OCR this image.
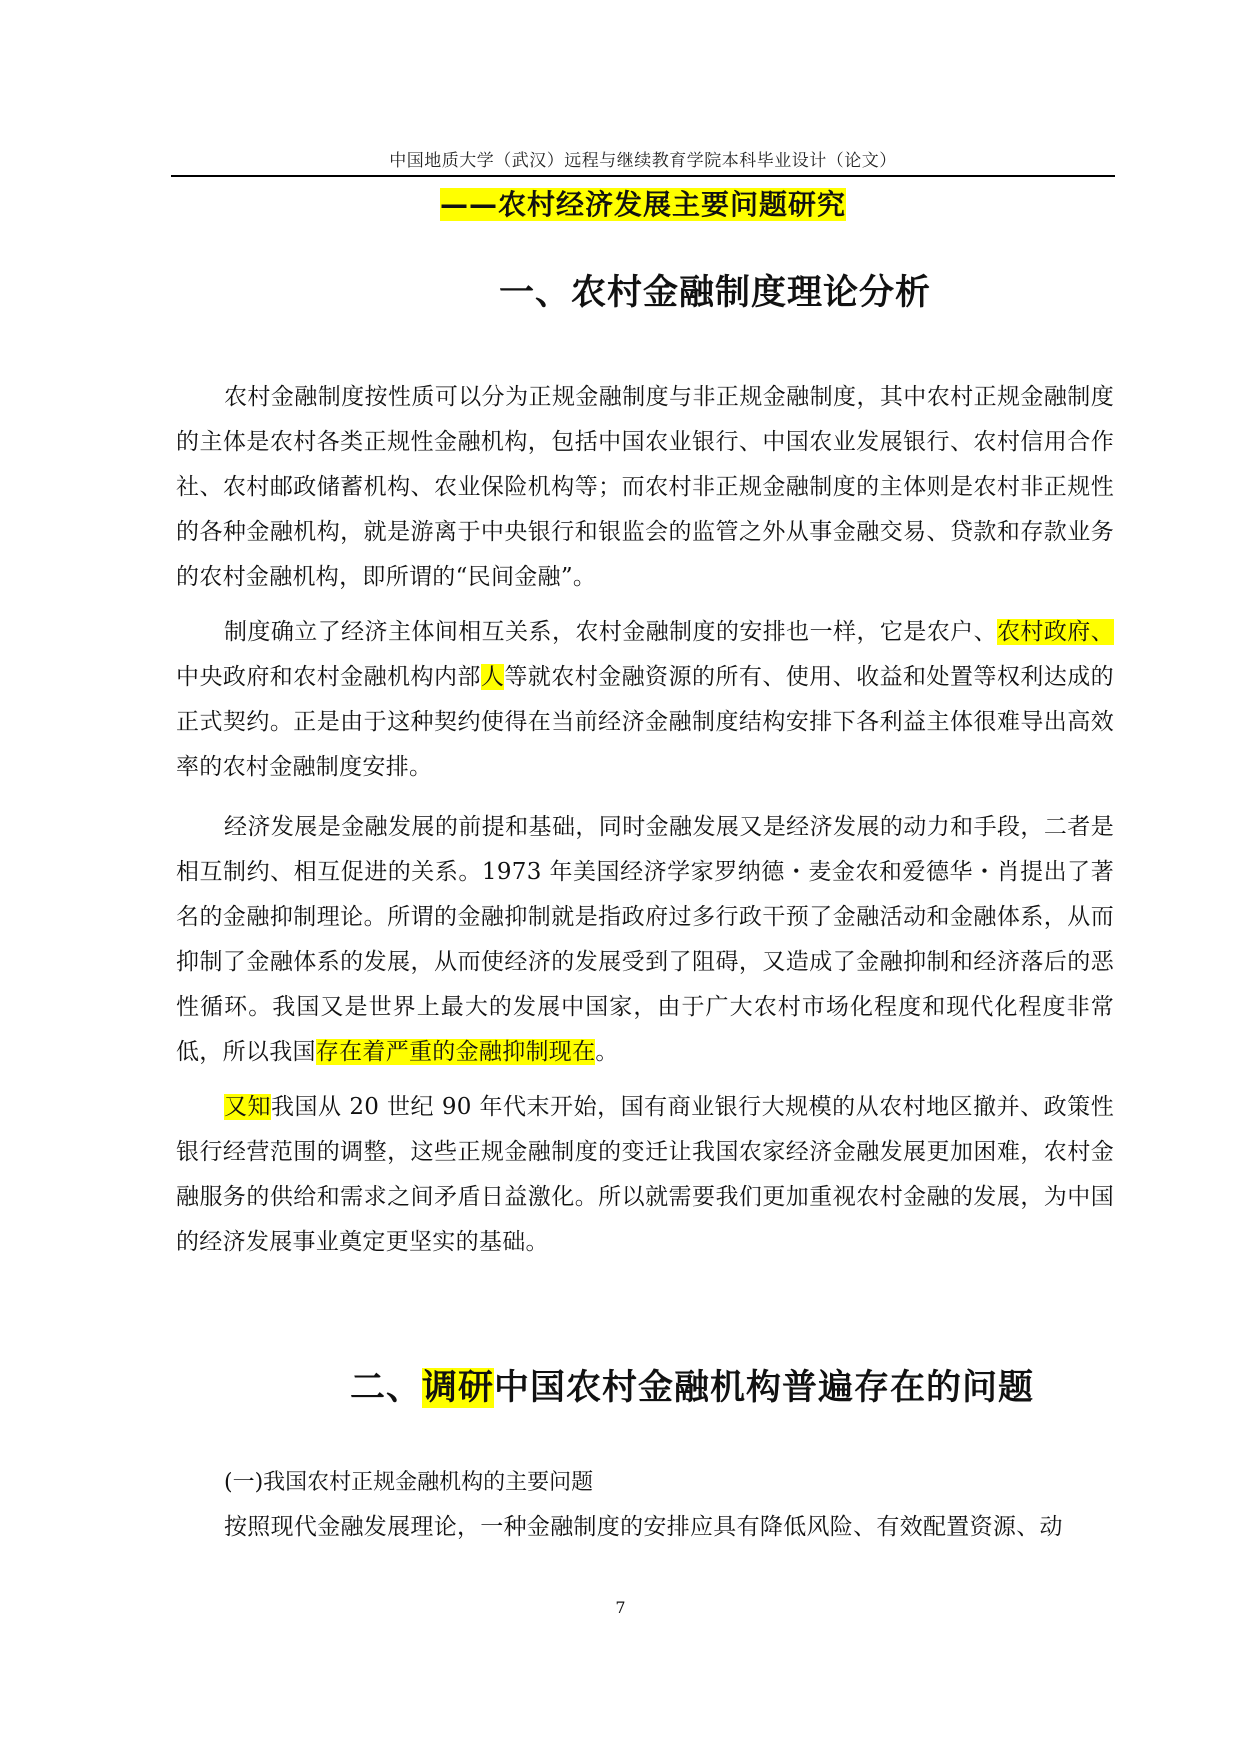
中国地质大学（武汉）远程与继续教育学院本科毕业设计（论文）
——农村经济发展主要问题研究
一、农村金融制度理论分析

农村金融制度按性质可以分为正规金融制度与非正规金融制度，其中农村正规金融制度的主体是农村各类正规性金融机构，包括中国农业银行、中国农业发展银行、农村信用合作社、农村邮政储蓄机构、农业保险机构等；而农村非正规金融制度的主体则是农村非正规性的各种金融机构，就是游离于中央银行和银监会的监管之外从事金融交易、贷款和存款业务的农村金融机构，即所谓的“民间金融”。

制度确立了经济主体间相互关系，农村金融制度的安排也一样，它是农户、农村政府、中央政府和农村金融机构内部人等就农村金融资源的所有、使用、收益和处置等权利达成的正式契约。正是由于这种契约使得在当前经济金融制度结构安排下各利益主体很难导出高效率的农村金融制度安排。

经济发展是金融发展的前提和基础，同时金融发展又是经济发展的动力和手段，二者是相互制约、相互促进的关系。1973 年美国经济学家罗纳德・麦金农和爱德华・肖提出了著名的金融抑制理论。所谓的金融抑制就是指政府过多行政干预了金融活动和金融体系，从而抑制了金融体系的发展，从而使经济的发展受到了阻碍，又造成了金融抑制和经济落后的恶性循环。我国又是世界上最大的发展中国家，由于广大农村市场化程度和现代化程度非常低，所以我国存在着严重的金融抑制现在。

又知我国从 20 世纪 90 年代末开始，国有商业银行大规模的从农村地区撤并、政策性银行经营范围的调整，这些正规金融制度的变迁让我国农家经济金融发展更加困难，农村金融服务的供给和需求之间矛盾日益激化。所以就需要我们更加重视农村金融的发展，为中国的经济发展事业奠定更坚实的基础。

二、调研中国农村金融机构普遍存在的问题

(一)我国农村正规金融机构的主要问题

按照现代金融发展理论，一种金融制度的安排应具有降低风险、有效配置资源、动

7
